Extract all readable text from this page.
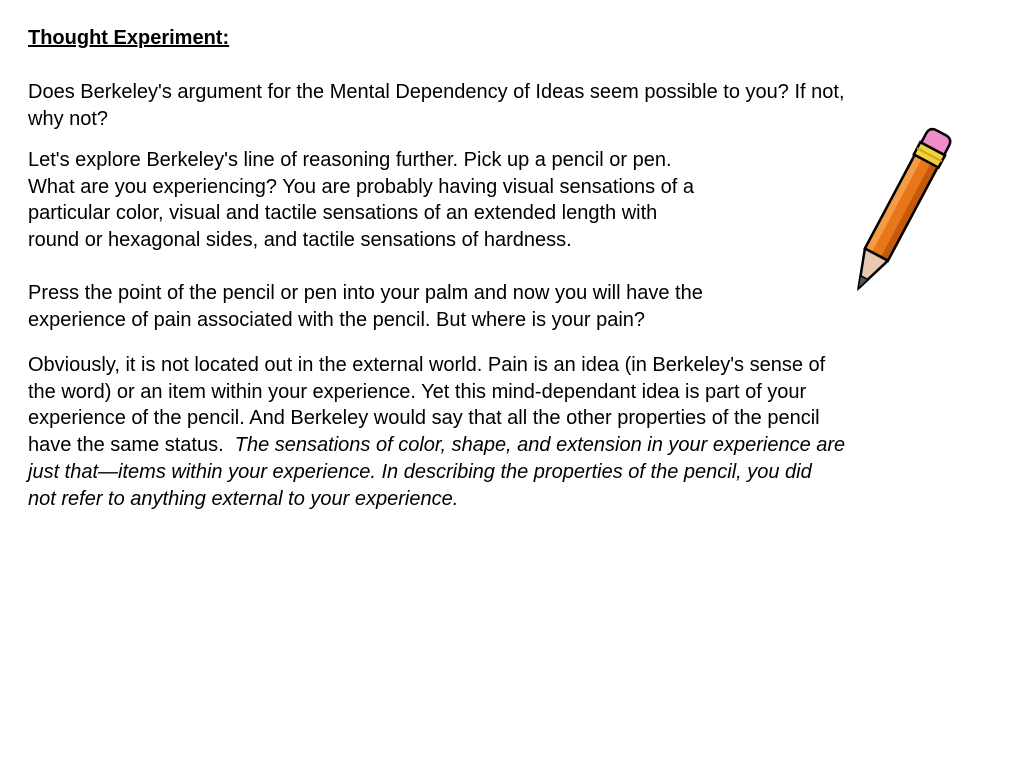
Thought Experiment:

Does Berkeley's argument for the Mental Dependency of Ideas seem possible to you? If not,
why not?

Let's explore Berkeley's line of reasoning further. Pick up a pencil or pen.
What are you experiencing? You are probably having visual sensations of a
particular color, visual and tactile sensations of an extended length with
round or hexagonal sides, and tactile sensations of hardness.

Press the point of the pencil or pen into your palm and now you will have the
experience of pain associated with the pencil. But where is your pain?

Obviously, it is not located out in the external world. Pain is an idea (in Berkeley's sense of
the word) or an item within your experience. Yet this mind-dependant idea is part of your
experience of the pencil. And Berkeley would say that all the other properties of the pencil
have the same status.  The sensations of color, shape, and extension in your experience are
just that—items within your experience. In describing the properties of the pencil, you did
not refer to anything external to your experience.
